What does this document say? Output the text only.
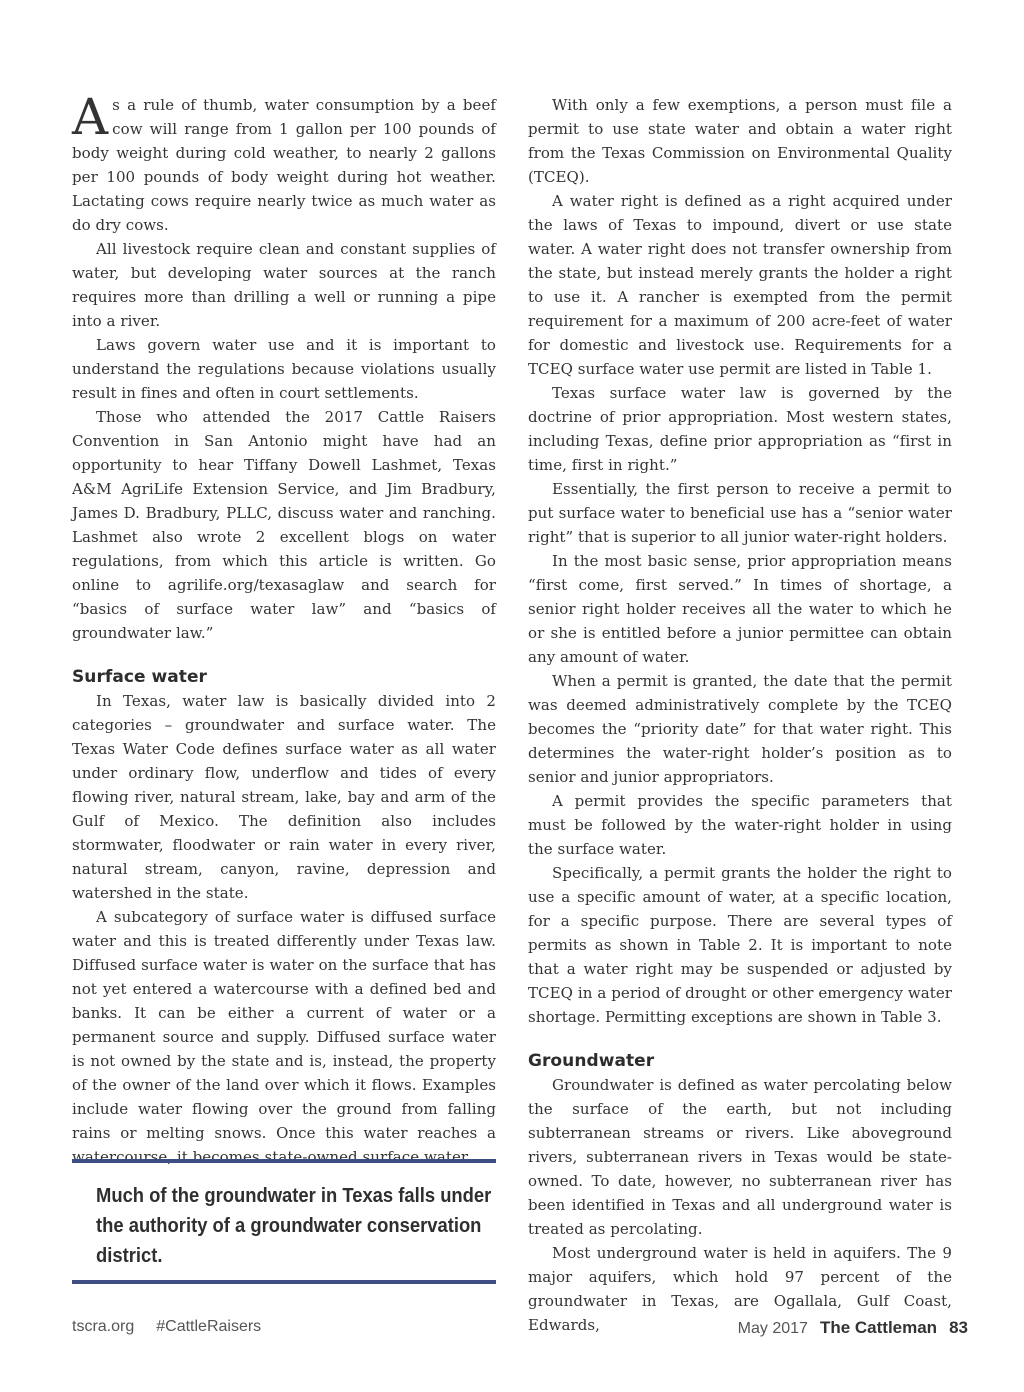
As a rule of thumb, water consumption by a beef cow will range from 1 gallon per 100 pounds of body weight during cold weather, to nearly 2 gallons per 100 pounds of body weight during hot weather. Lactating cows require nearly twice as much water as do dry cows.

All livestock require clean and constant supplies of water, but developing water sources at the ranch requires more than drilling a well or running a pipe into a river.

Laws govern water use and it is important to understand the regulations because violations usually result in fines and often in court settlements.

Those who attended the 2017 Cattle Raisers Convention in San Antonio might have had an opportunity to hear Tiffany Dowell Lashmet, Texas A&M AgriLife Extension Service, and Jim Bradbury, James D. Bradbury, PLLC, discuss water and ranching. Lashmet also wrote 2 excellent blogs on water regulations, from which this article is written. Go online to agrilife.org/texasaglaw and search for “basics of surface water law” and “basics of groundwater law.”

Surface water

In Texas, water law is basically divided into 2 categories – groundwater and surface water. The Texas Water Code defines surface water as all water under ordinary flow, underflow and tides of every flowing river, natural stream, lake, bay and arm of the Gulf of Mexico. The definition also includes stormwater, floodwater or rain water in every river, natural stream, canyon, ravine, depression and watershed in the state.

A subcategory of surface water is diffused surface water and this is treated differently under Texas law. Diffused surface water is water on the surface that has not yet entered a watercourse with a defined bed and banks. It can be either a current of water or a permanent source and supply. Diffused surface water is not owned by the state and is, instead, the property of the owner of the land over which it flows. Examples include water flowing over the ground from falling rains or melting snows. Once this water reaches a watercourse, it becomes state-owned surface water.

With only a few exemptions, a person must file a permit to use state water and obtain a water right from the Texas Commission on Environmental Quality (TCEQ).

A water right is defined as a right acquired under the laws of Texas to impound, divert or use state water. A water right does not transfer ownership from the state, but instead merely grants the holder a right to use it. A rancher is exempted from the permit requirement for a maximum of 200 acre-feet of water for domestic and livestock use. Requirements for a TCEQ surface water use permit are listed in Table 1.

Texas surface water law is governed by the doctrine of prior appropriation. Most western states, including Texas, define prior appropriation as “first in time, first in right.”

Essentially, the first person to receive a permit to put surface water to beneficial use has a “senior water right” that is superior to all junior water-right holders.

In the most basic sense, prior appropriation means “first come, first served.” In times of shortage, a senior right holder receives all the water to which he or she is entitled before a junior permittee can obtain any amount of water.

When a permit is granted, the date that the permit was deemed administratively complete by the TCEQ becomes the “priority date” for that water right. This determines the water-right holder’s position as to senior and junior appropriators.

A permit provides the specific parameters that must be followed by the water-right holder in using the surface water.

Specifically, a permit grants the holder the right to use a specific amount of water, at a specific location, for a specific purpose. There are several types of permits as shown in Table 2. It is important to note that a water right may be suspended or adjusted by TCEQ in a period of drought or other emergency water shortage. Permitting exceptions are shown in Table 3.

Groundwater

Groundwater is defined as water percolating below the surface of the earth, but not including subterranean streams or rivers. Like aboveground rivers, subterranean rivers in Texas would be state-owned. To date, however, no subterranean river has been identified in Texas and all underground water is treated as percolating.

Most underground water is held in aquifers. The 9 major aquifers, which hold 97 percent of the groundwater in Texas, are Ogallala, Gulf Coast, Edwards,

Much of the groundwater in Texas falls under the authority of a groundwater conservation district.
tscra.org #CattleRaisers	May 2017 The Cattleman 83
